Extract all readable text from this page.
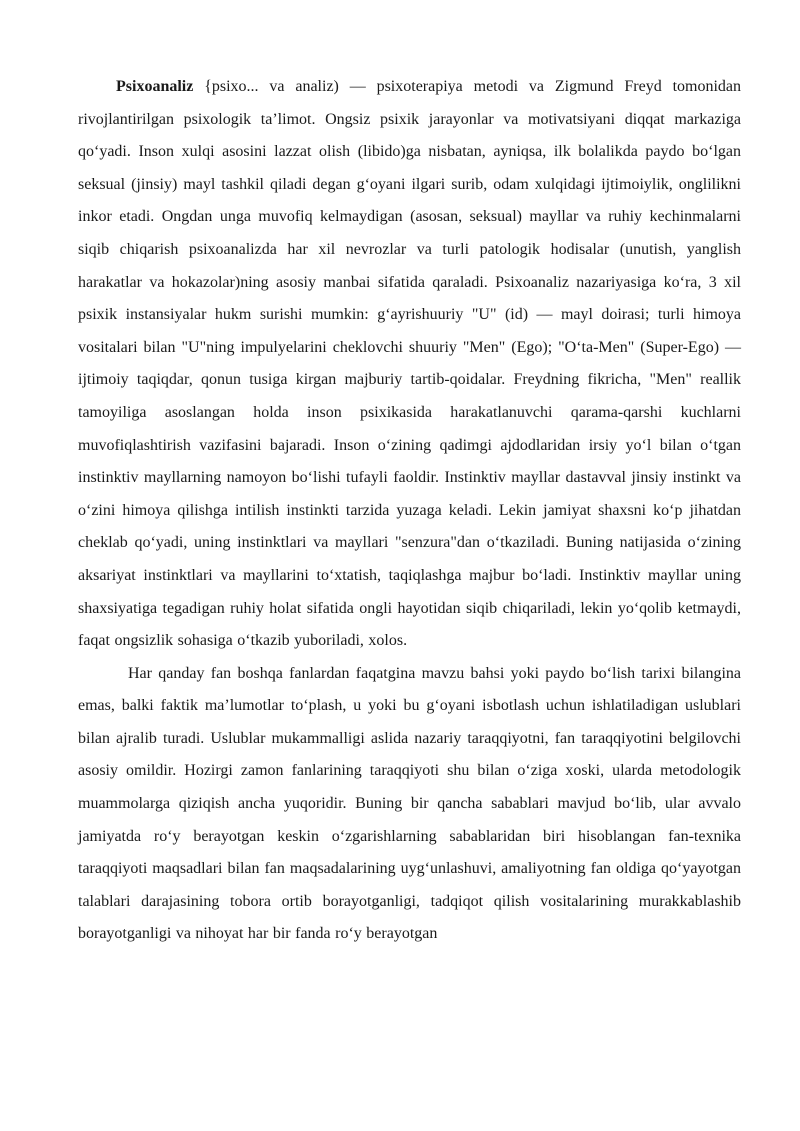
Psixoanaliz {psixo... va analiz) — psixoterapiya metodi va Zigmund Freyd tomonidan rivojlantirilgan psixologik ta’limot. Ongsiz psixik jarayonlar va motivatsiyani diqqat markaziga qo‘yadi. Inson xulqi asosini lazzat olish (libido)ga nisbatan, ayniqsa, ilk bolalikda paydo bo‘lgan seksual (jinsiy) mayl tashkil qiladi degan g‘oyani ilgari surib, odam xulqidagi ijtimoiylik, onglilikni inkor etadi. Ongdan unga muvofiq kelmaydigan (asosan, seksual) mayllar va ruhiy kechinmalarni siqib chiqarish psixoanalizda har xil nevrozlar va turli patologik hodisalar (unutish, yanglish harakatlar va hokazolar)ning asosiy manbai sifatida qaraladi. Psixoanaliz nazariyasiga ko‘ra, 3 xil psixik instansiyalar hukm surishi mumkin: g‘ayrishuuriy "U" (id) — mayl doirasi; turli himoya vositalari bilan "U"ning impulyelarini cheklovchi shuuriy "Men" (Ego); "O‘ta-Men" (Super-Ego) — ijtimoiy taqiqdar, qonun tusiga kirgan majburiy tartib-qoidalar. Freydning fikricha, "Men" reallik tamoyiliga asoslangan holda inson psixikasida harakatlanuvchi qarama-qarshi kuchlarni muvofiqlashtirish vazifasini bajaradi. Inson o‘zining qadimgi ajdodlaridan irsiy yo‘l bilan o‘tgan instinktiv mayllarning namoyon bo‘lishi tufayli faoldir. Instinktiv mayllar dastavval jinsiy instinkt va o‘zini himoya qilishga intilish instinkti tarzida yuzaga keladi. Lekin jamiyat shaxsni ko‘p jihatdan cheklab qo‘yadi, uning instinktlari va mayllari "senzura"dan o‘tkaziladi. Buning natijasida o‘zining aksariyat instinktlari va mayllarini to‘xtatish, taqiqlashga majbur bo‘ladi. Instinktiv mayllar uning shaxsiyatiga tegadigan ruhiy holat sifatida ongli hayotidan siqib chiqariladi, lekin yo‘qolib ketmaydi, faqat ongsizlik sohasiga o‘tkazib yuboriladi, xolos.

Har qanday fan boshqa fanlardan faqatgina mavzu bahsi yoki paydo bo‘lish tarixi bilangina emas, balki faktik ma’lumotlar to‘plash, u yoki bu g‘oyani isbotlash uchun ishlatiladigan uslublari bilan ajralib turadi. Uslublar mukammalligi aslida nazariy taraqqiyotni, fan taraqqiyotini belgilovchi asosiy omildir. Hozirgi zamon fanlarining taraqqiyoti shu bilan o‘ziga xoski, ularda metodologik muammolarga qiziqish ancha yuqoridir. Buning bir qancha sabablari mavjud bo‘lib, ular avvalo jamiyatda ro‘y berayotgan keskin o‘zgarishlarning sabablaridan biri hisoblangan fan-texnika taraqqiyoti maqsadlari bilan fan maqsadalarining uyg‘unlashuvi, amaliyotning fan oldiga qo‘yayotgan talablari darajasining tobora ortib borayotganligi, tadqiqot qilish vositalarining murakkablashib borayotganligi va nihoyat har bir fanda ro‘y berayotgan
